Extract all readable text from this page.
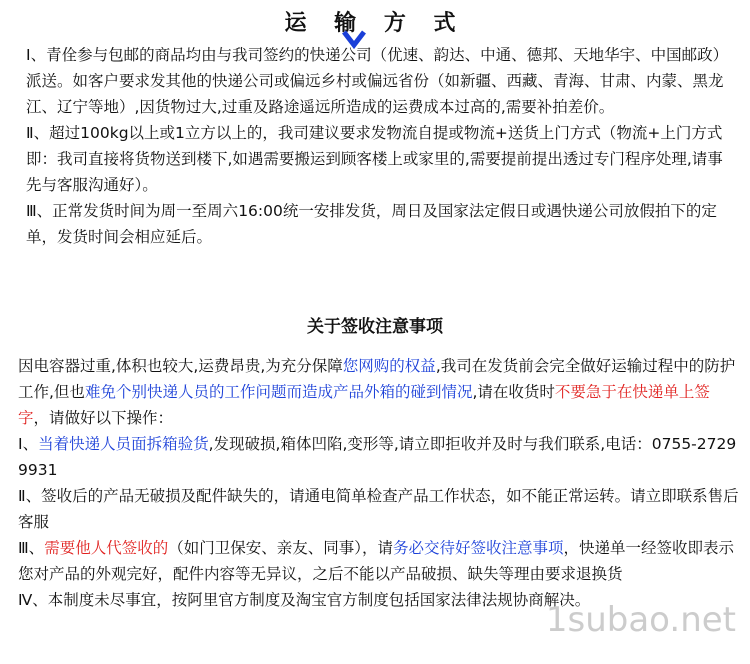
运 输 方 式

Ⅰ、青佺参与包邮的商品均由与我司签约的快递公司（优速、韵达、中通、德邦、天地华宇、中国邮政）派送。如客户要求发其他的快递公司或偏远乡村或偏远省份（如新疆、西藏、青海、甘肃、内蒙、黑龙江、辽宁等地）,因货物过大,过重及路途遥远所造成的运费成本过高的,需要补拍差价。

Ⅱ、超过100kg以上或1立方以上的，我司建议要求发物流自提或物流+送货上门方式（物流+上门方式即：我司直接将货物送到楼下,如遇需要搬运到顾客楼上或家里的,需要提前提出透过专门程序处理,请事先与客服沟通好）。

Ⅲ、正常发货时间为周一至周六16:00统一安排发货，周日及国家法定假日或遇快递公司放假拍下的定单，发货时间会相应延后。

关于签收注意事项

因电容器过重,体积也较大,运费昂贵,为充分保障您网购的权益,我司在发货前会完全做好运输过程中的防护工作,但也难免个别快递人员的工作问题而造成产品外箱的碰到情况,请在收货时不要急于在快递单上签字，请做好以下操作：

Ⅰ、当着快递人员面拆箱验货,发现破损,箱体凹陷,变形等,请立即拒收并及时与我们联系,电话：0755-2729 9931

Ⅱ、签收后的产品无破损及配件缺失的，请通电简单检查产品工作状态，如不能正常运转。请立即联系售后客服

Ⅲ、需要他人代签收的（如门卫保安、亲友、同事），请务必交待好签收注意事项，快递单一经签收即表示您对产品的外观完好，配件内容等无异议，之后不能以产品破损、缺失等理由要求退换货

Ⅳ、本制度未尽事宜，按阿里官方制度及淘宝官方制度包括国家法律法规协商解决。

1subao.net
